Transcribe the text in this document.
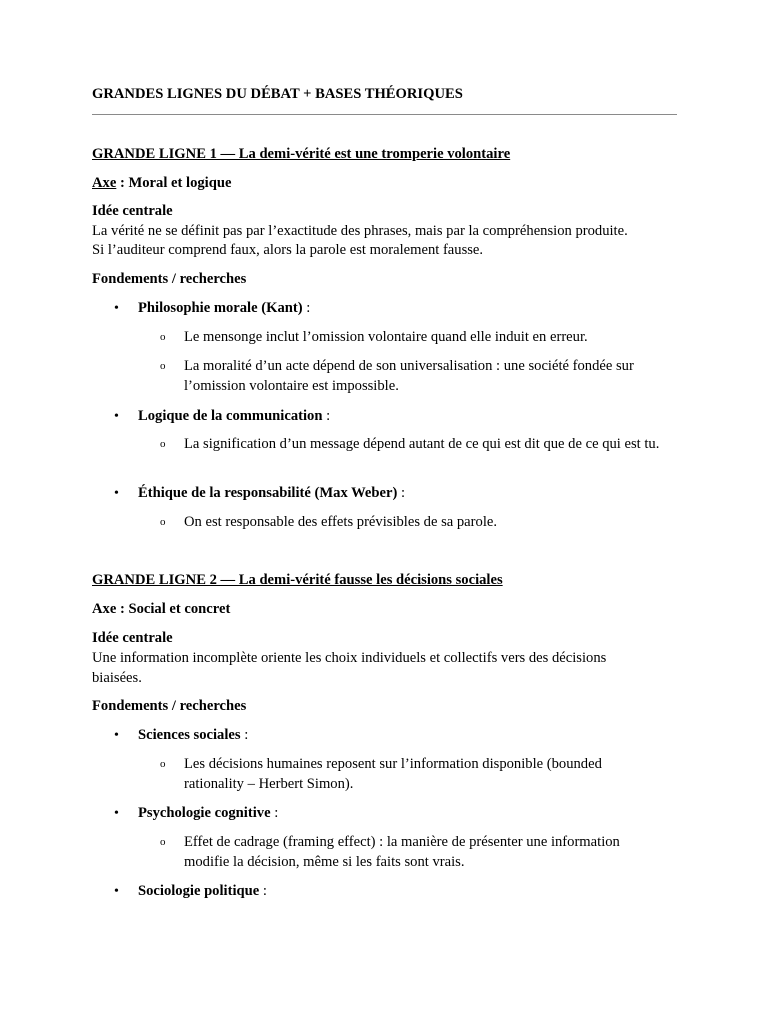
GRANDES LIGNES DU DÉBAT + BASES THÉORIQUES
GRANDE LIGNE 1 — La demi-vérité est une tromperie volontaire
Axe : Moral et logique
Idée centrale
La vérité ne se définit pas par l’exactitude des phrases, mais par la compréhension produite.
Si l’auditeur comprend faux, alors la parole est moralement fausse.
Fondements / recherches
• Philosophie morale (Kant) :
o Le mensonge inclut l’omission volontaire quand elle induit en erreur.
o La moralité d’un acte dépend de son universalisation : une société fondée sur l’omission volontaire est impossible.
• Logique de la communication :
o La signification d’un message dépend autant de ce qui est dit que de ce qui est tu.
• Éthique de la responsabilité (Max Weber) :
o On est responsable des effets prévisibles de sa parole.
GRANDE LIGNE 2 — La demi-vérité fausse les décisions sociales
Axe : Social et concret
Idée centrale
Une information incomplète oriente les choix individuels et collectifs vers des décisions biaisées.
Fondements / recherches
• Sciences sociales :
o Les décisions humaines reposent sur l’information disponible (bounded rationality – Herbert Simon).
• Psychologie cognitive :
o Effet de cadrage (framing effect) : la manière de présenter une information modifie la décision, même si les faits sont vrais.
• Sociologie politique :
